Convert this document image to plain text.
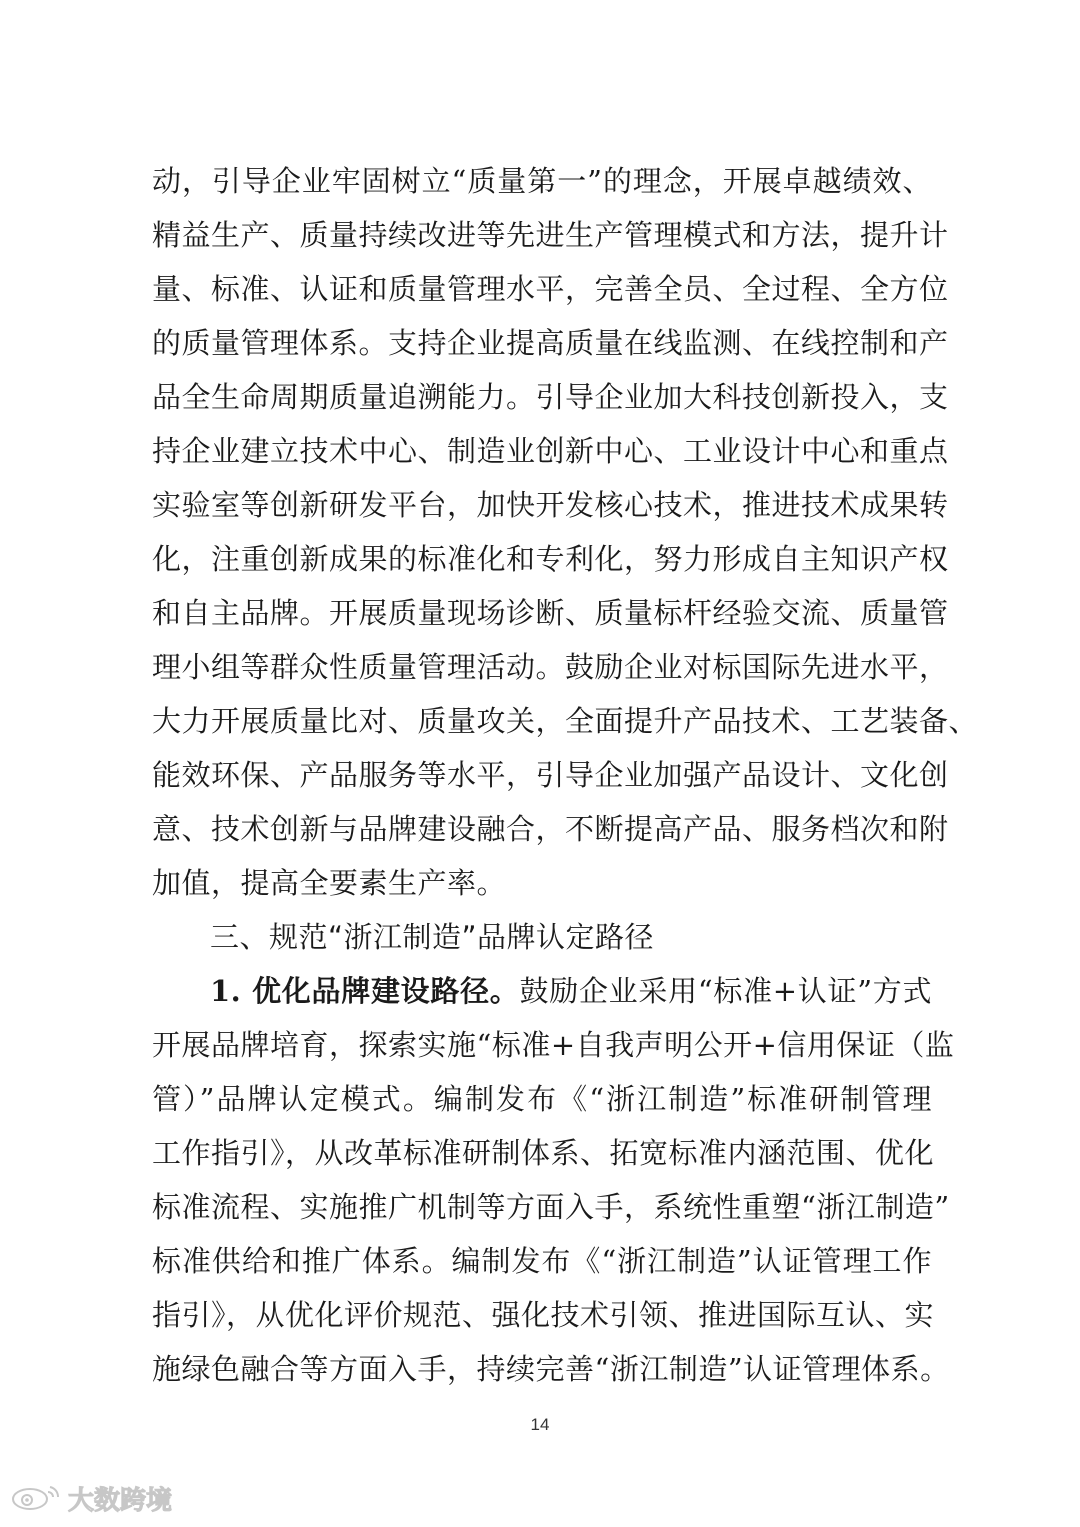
动，引导企业牢固树立“质量第一”的理念，开展卓越绩效、
精益生产、质量持续改进等先进生产管理模式和方法，提升计
量、标准、认证和质量管理水平，完善全员、全过程、全方位
的质量管理体系。支持企业提高质量在线监测、在线控制和产
品全生命周期质量追溯能力。引导企业加大科技创新投入，支
持企业建立技术中心、制造业创新中心、工业设计中心和重点
实验室等创新研发平台，加快开发核心技术，推进技术成果转
化，注重创新成果的标准化和专利化，努力形成自主知识产权
和自主品牌。开展质量现场诊断、质量标杆经验交流、质量管
理小组等群众性质量管理活动。鼓励企业对标国际先进水平，
大力开展质量比对、质量攻关，全面提升产品技术、工艺装备、
能效环保、产品服务等水平，引导企业加强产品设计、文化创
意、技术创新与品牌建设融合，不断提高产品、服务档次和附
加值，提高全要素生产率。
三、规范“浙江制造”品牌认定路径
1. 优化品牌建设路径。鼓励企业采用“标准+认证”方式
开展品牌培育，探索实施“标准+自我声明公开+信用保证（监
管）”品牌认定模式。编制发布《“浙江制造”标准研制管理
工作指引》，从改革标准研制体系、拓宽标准内涵范围、优化
标准流程、实施推广机制等方面入手，系统性重塑“浙江制造”
标准供给和推广体系。编制发布《“浙江制造”认证管理工作
指引》，从优化评价规范、强化技术引领、推进国际互认、实
施绿色融合等方面入手，持续完善“浙江制造”认证管理体系。
14
大数跨境
